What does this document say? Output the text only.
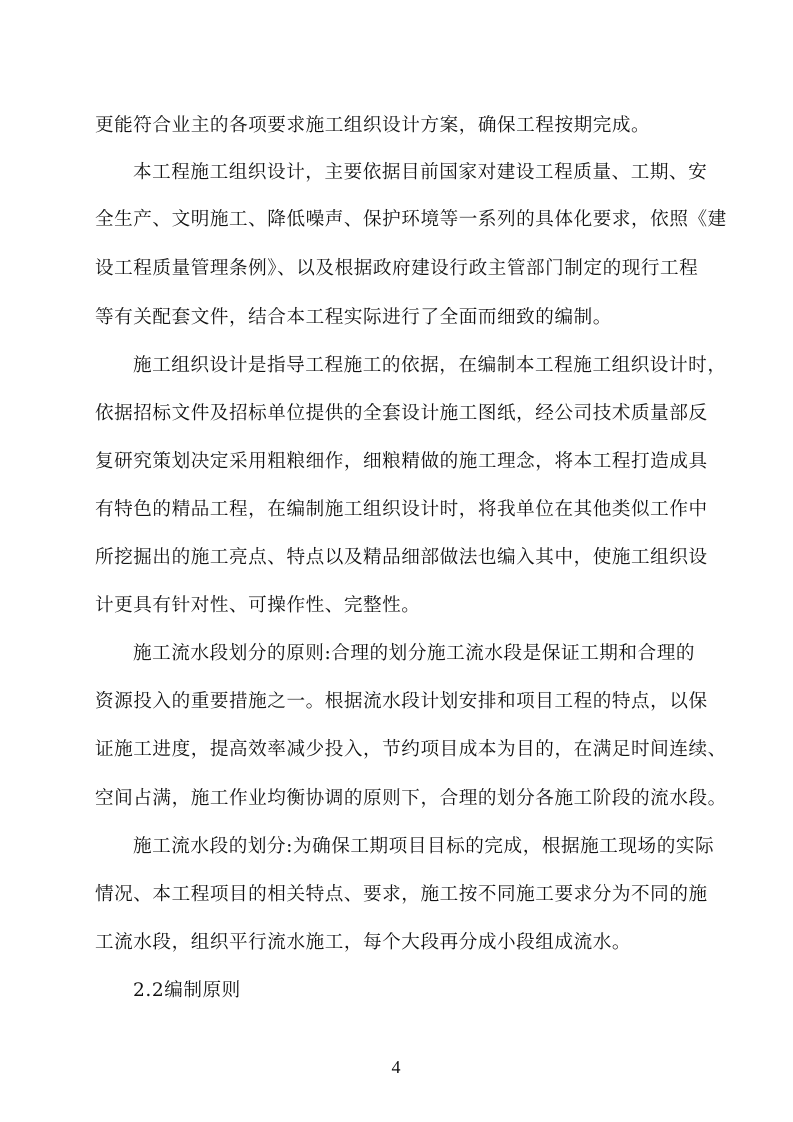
更能符合业主的各项要求施工组织设计方案，确保工程按期完成。
本工程施工组织设计，主要依据目前国家对建设工程质量、工期、安
全生产、文明施工、降低噪声、保护环境等一系列的具体化要求，依照《建
设工程质量管理条例》、以及根据政府建设行政主管部门制定的现行工程
等有关配套文件，结合本工程实际进行了全面而细致的编制。
施工组织设计是指导工程施工的依据，在编制本工程施工组织设计时，
依据招标文件及招标单位提供的全套设计施工图纸，经公司技术质量部反
复研究策划决定采用粗粮细作，细粮精做的施工理念，将本工程打造成具
有特色的精品工程，在编制施工组织设计时，将我单位在其他类似工作中
所挖掘出的施工亮点、特点以及精品细部做法也编入其中，使施工组织设
计更具有针对性、可操作性、完整性。
施工流水段划分的原则:合理的划分施工流水段是保证工期和合理的
资源投入的重要措施之一。根据流水段计划安排和项目工程的特点，以保
证施工进度，提高效率减少投入，节约项目成本为目的，在满足时间连续、
空间占满，施工作业均衡协调的原则下，合理的划分各施工阶段的流水段。
施工流水段的划分:为确保工期项目目标的完成，根据施工现场的实际
情况、本工程项目的相关特点、要求，施工按不同施工要求分为不同的施
工流水段，组织平行流水施工，每个大段再分成小段组成流水。
2.2编制原则
4
